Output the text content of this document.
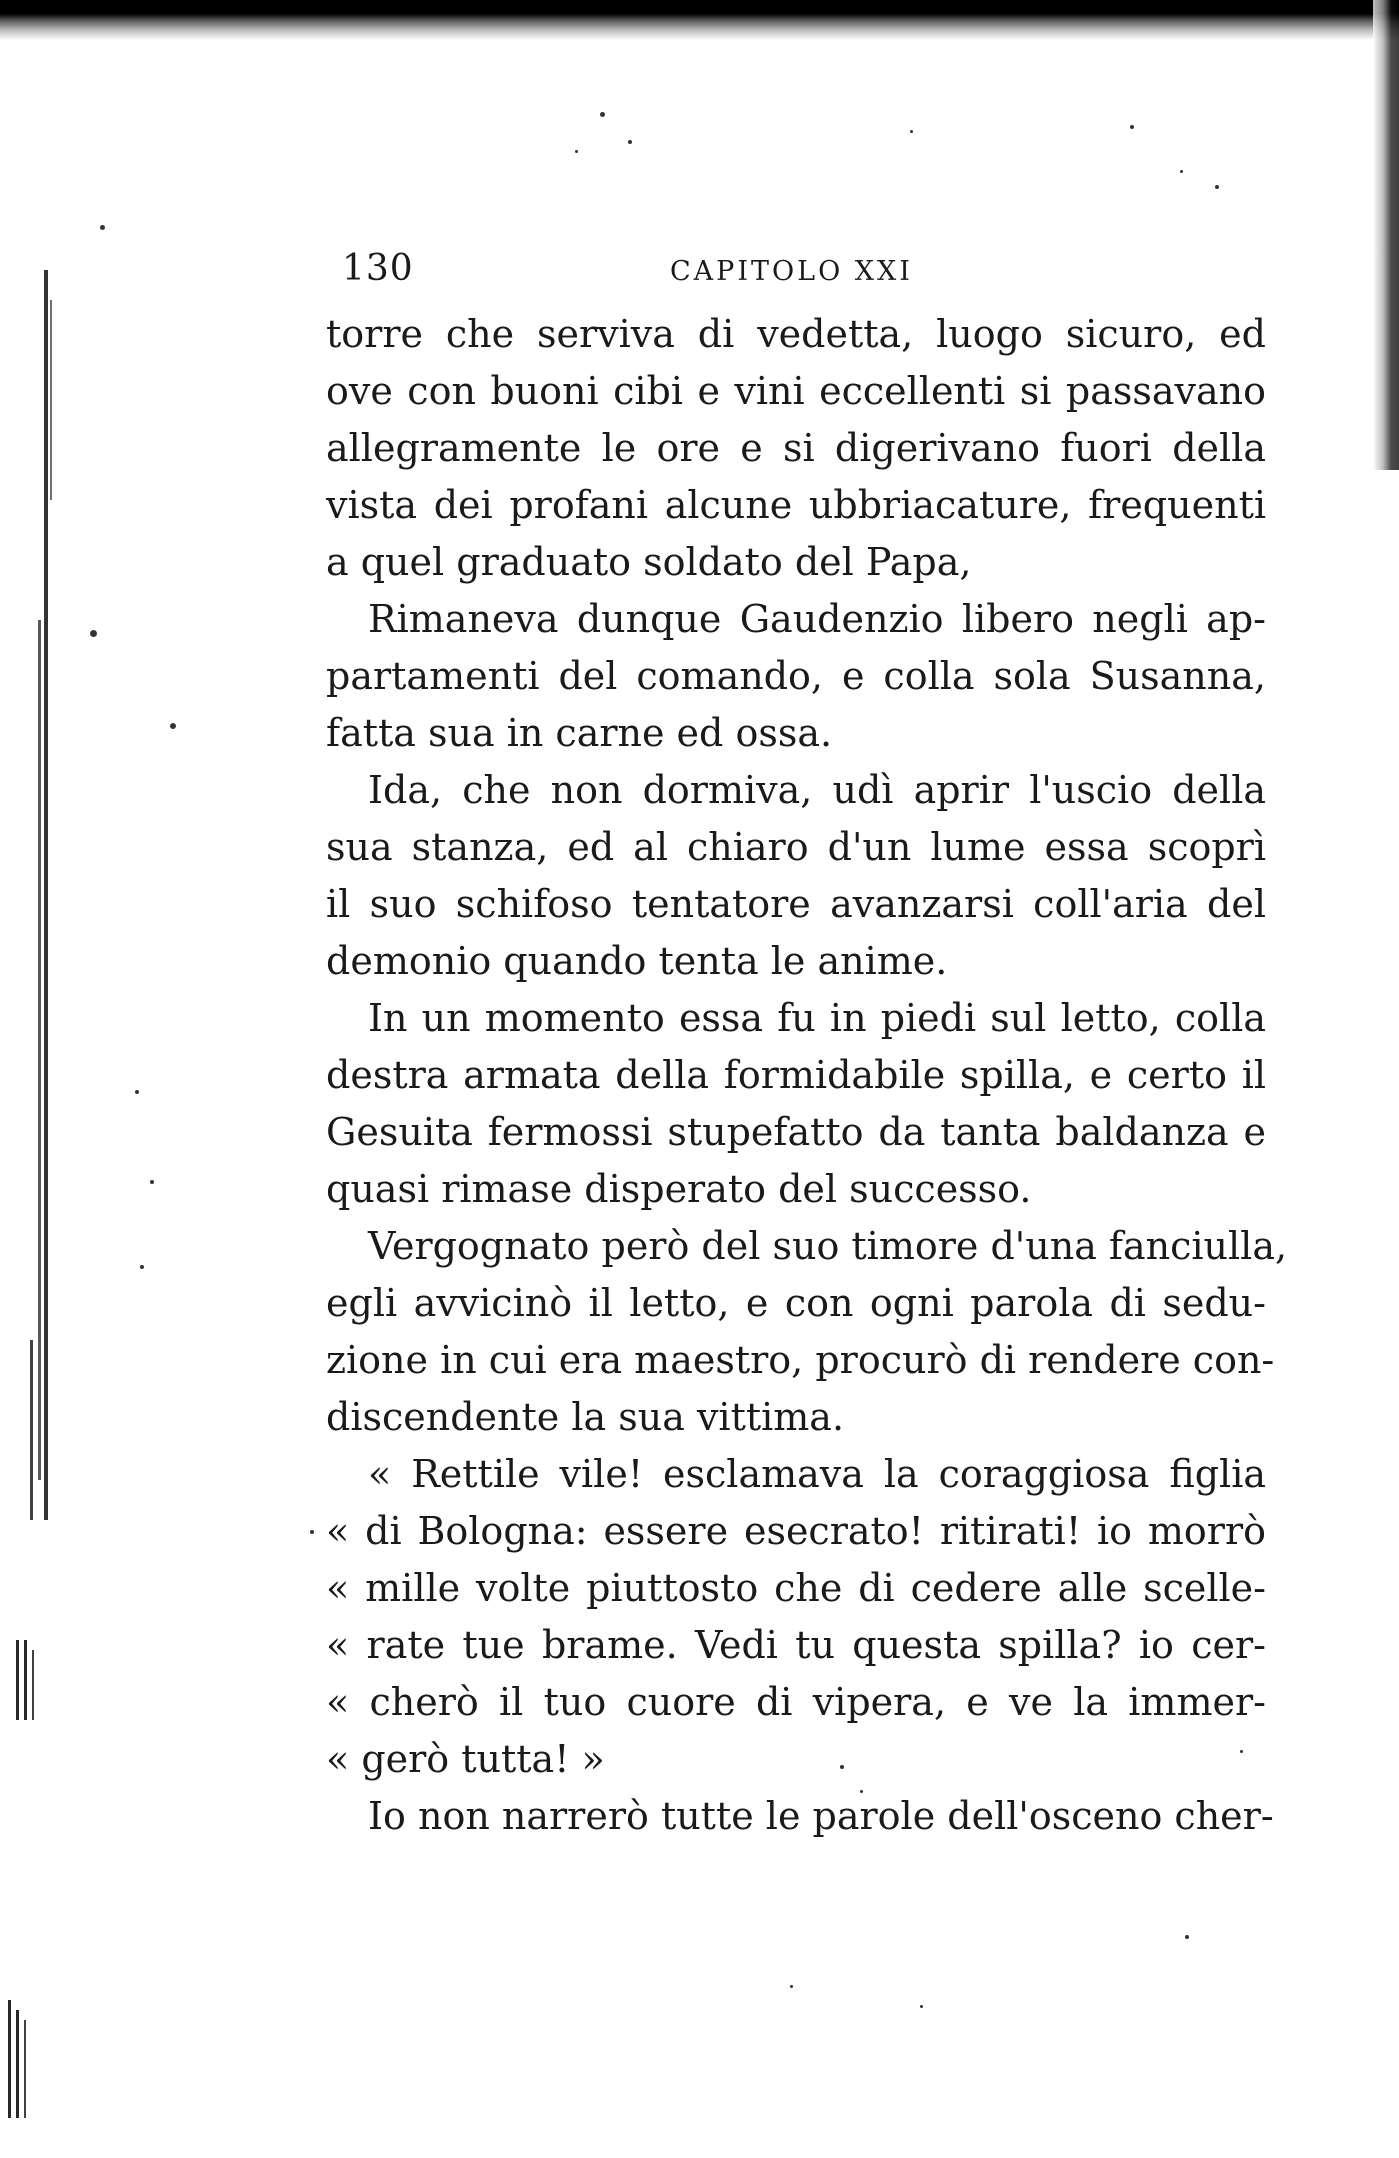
130	CAPITOLO XXI
torre che serviva di vedetta, luogo sicuro, ed
ove con buoni cibi e vini eccellenti si passavano
allegramente le ore e si digerivano fuori della
vista dei profani alcune ubbriacature, frequenti
a quel graduato soldato del Papa,
Rimaneva dunque Gaudenzio libero negli ap-
partamenti del comando, e colla sola Susanna,
fatta sua in carne ed ossa.
Ida, che non dormiva, udì aprir l'uscio della
sua stanza, ed al chiaro d'un lume essa scoprì
il suo schifoso tentatore avanzarsi coll'aria del
demonio quando tenta le anime.
In un momento essa fu in piedi sul letto, colla
destra armata della formidabile spilla, e certo il
Gesuita fermossi stupefatto da tanta baldanza e
quasi rimase disperato del successo.
Vergognato però del suo timore d'una fanciulla,
egli avvicinò il letto, e con ogni parola di sedu-
zione in cui era maestro, procurò di rendere con-
discendente la sua vittima.
« Rettile vile! esclamava la coraggiosa figlia
« di Bologna: essere esecrato! ritirati! io morrò
« mille volte piuttosto che di cedere alle scelle-
« rate tue brame. Vedi tu questa spilla? io cer-
« cherò il tuo cuore di vipera, e ve la immer-
« gerò tutta! »
Io non narrerò tutte le parole dell'osceno cher-
